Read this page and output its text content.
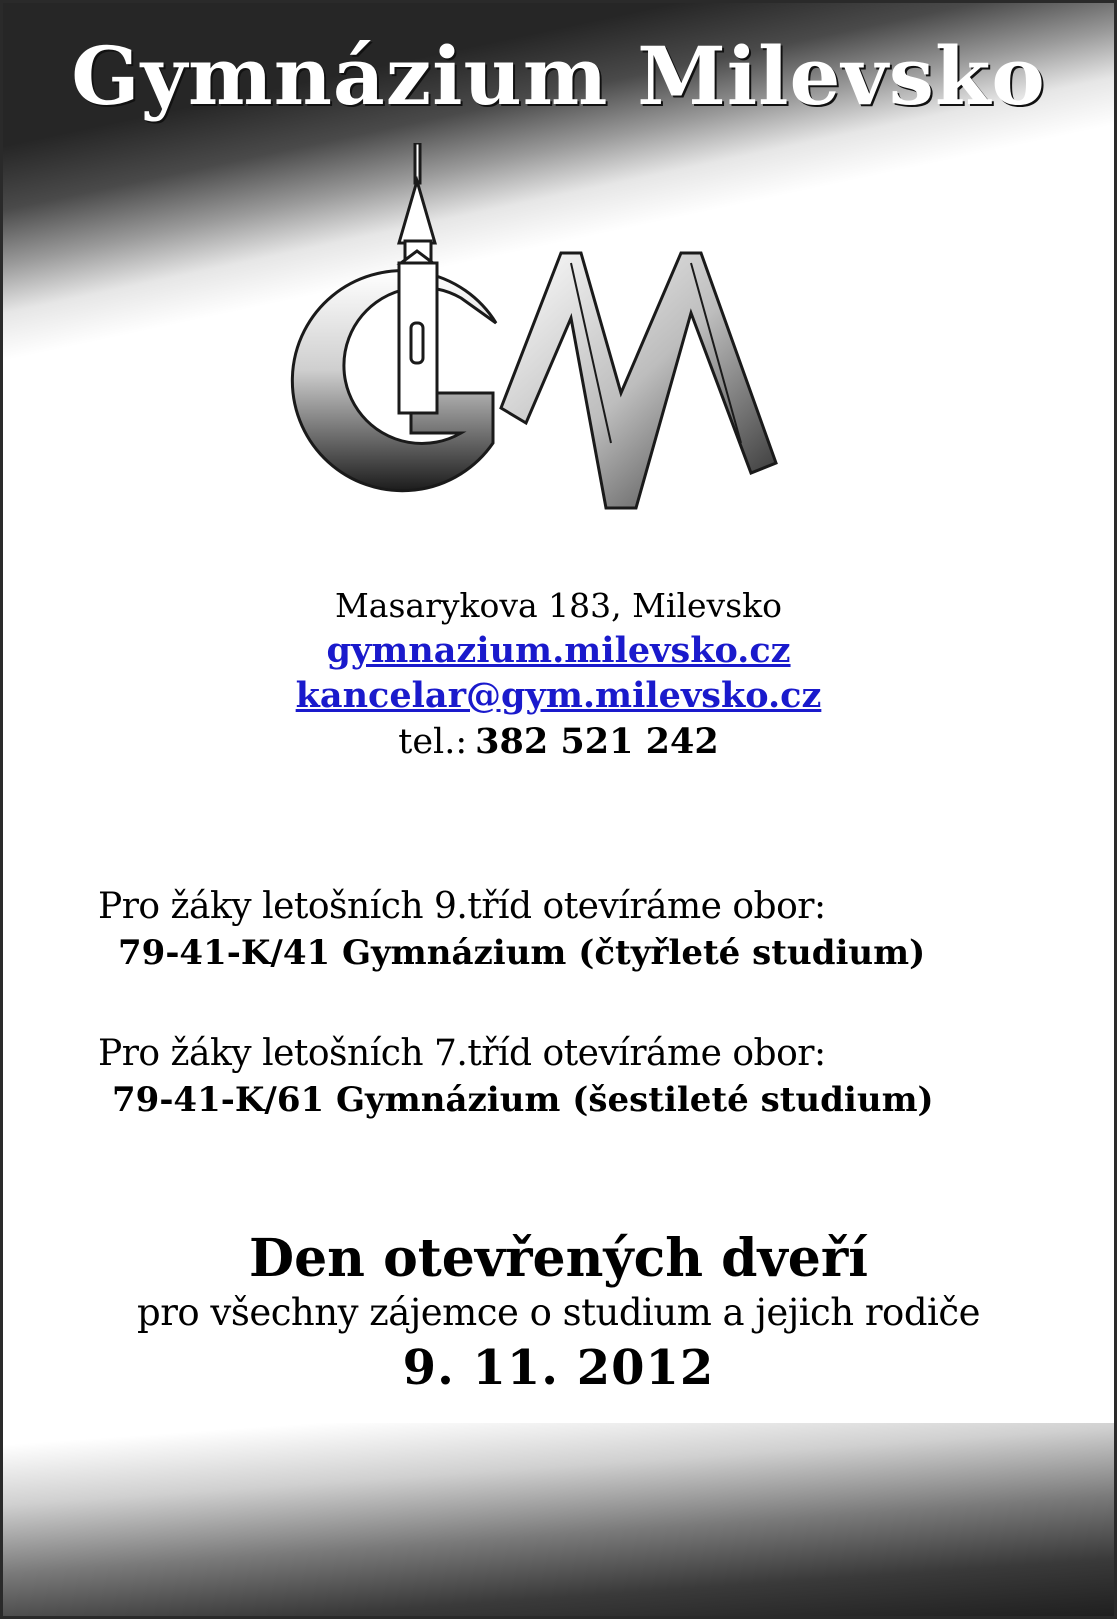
Gymnázium Milevsko
Masarykova 183, Milevsko
gymnazium.milevsko.cz
kancelar@gym.milevsko.cz
tel.: 382 521 242
Pro žáky letošních 9.tříd otevíráme obor:
79-41-K/41 Gymnázium (čtyřleté studium)
Pro žáky letošních 7.tříd otevíráme obor:
79-41-K/61 Gymnázium (šestileté studium)
Den otevřených dveří
pro všechny zájemce o studium a jejich rodiče
9. 11. 2012
